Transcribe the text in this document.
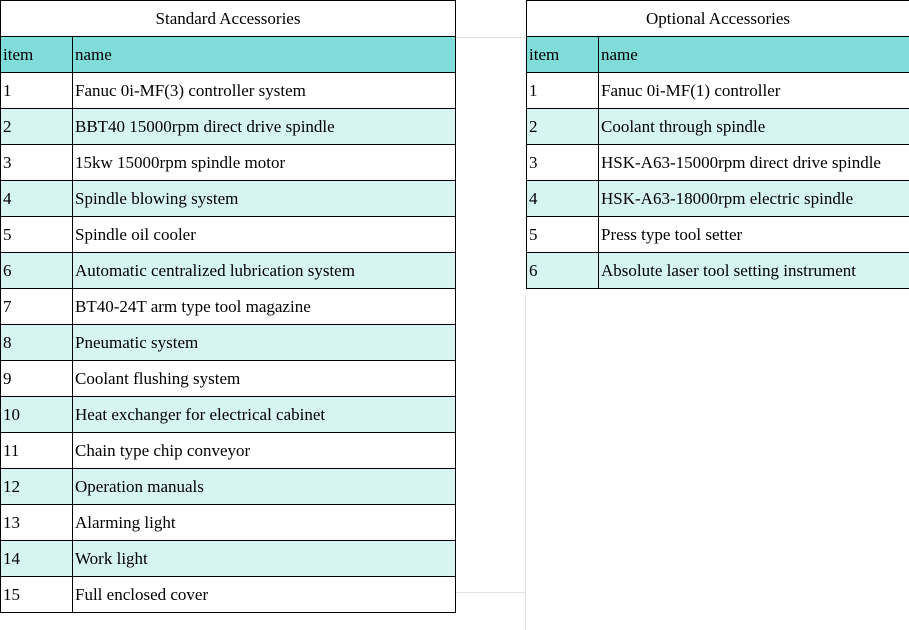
Standard Accessories	
item	name
1	Fanuc 0i-MF(3) controller system
2	BBT40 15000rpm direct drive spindle
3	15kw 15000rpm spindle motor
4	Spindle blowing system
5	Spindle oil cooler
6	Automatic centralized lubrication system
7	BT40-24T arm type tool magazine
8	Pneumatic system
9	Coolant flushing system
10	Heat exchanger for electrical cabinet
11	Chain type chip conveyor
12	Operation manuals
13	Alarming light
14	Work light
15	Full enclosed cover
Optional Accessories	
item	name
1	Fanuc 0i-MF(1) controller
2	Coolant through spindle
3	HSK-A63-15000rpm direct drive spindle
4	HSK-A63-18000rpm electric spindle
5	Press type tool setter
6	Absolute laser tool setting instrument
